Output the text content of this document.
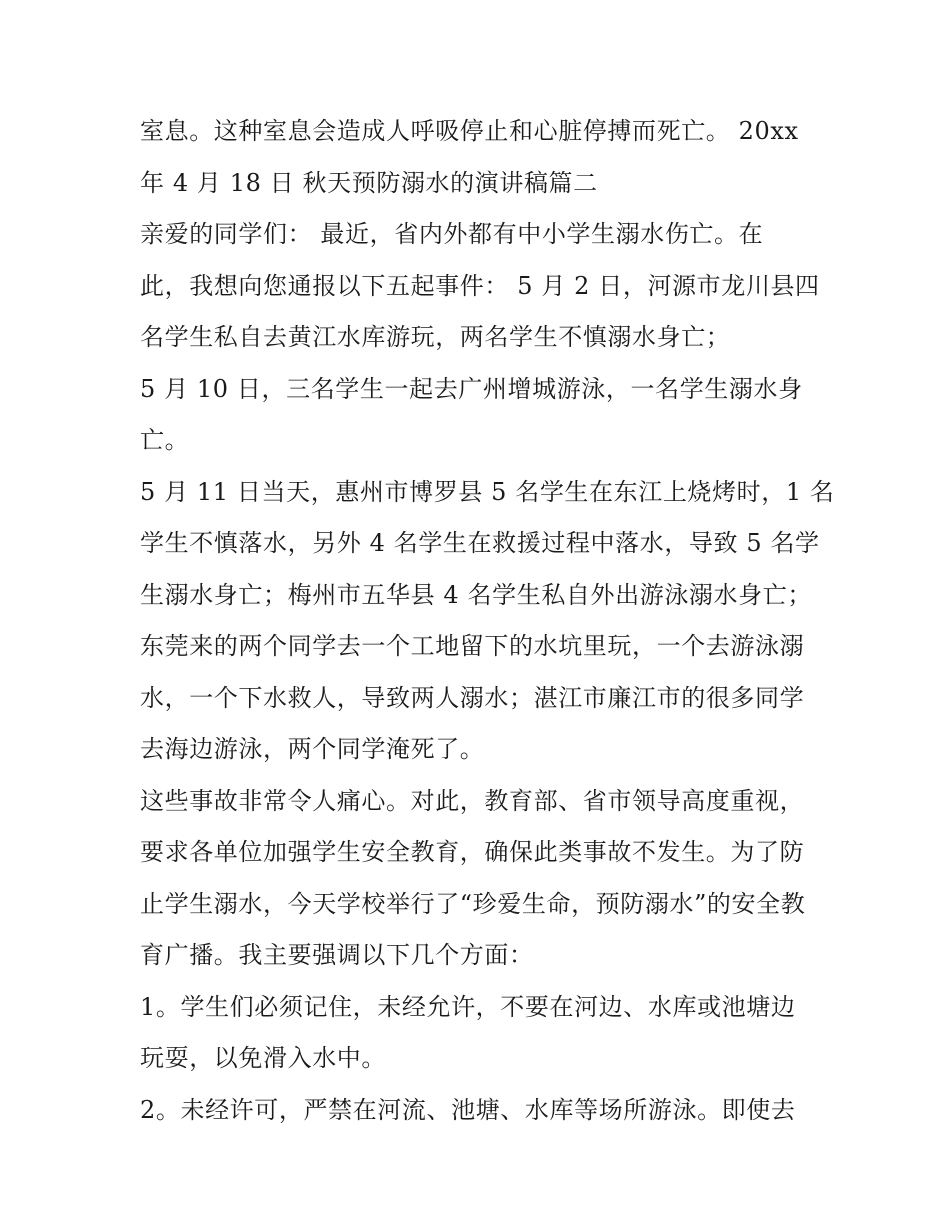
室息。这种室息会造成人呼吸停止和心脏停搏而死亡。 20xx
年 4 月 18 日 秋天预防溺水的演讲稿篇二
亲爱的同学们： 最近，省内外都有中小学生溺水伤亡。在
此，我想向您通报以下五起事件： 5 月 2 日，河源市龙川县四
名学生私自去黄江水库游玩，两名学生不慎溺水身亡；
5 月 10 日，三名学生一起去广州增城游泳，一名学生溺水身
亡。
5 月 11 日当天，惠州市博罗县 5 名学生在东江上烧烤时，1 名
学生不慎落水，另外 4 名学生在救援过程中落水，导致 5 名学
生溺水身亡；梅州市五华县 4 名学生私自外出游泳溺水身亡；
东莞来的两个同学去一个工地留下的水坑里玩，一个去游泳溺
水，一个下水救人，导致两人溺水；湛江市廉江市的很多同学
去海边游泳，两个同学淹死了。
这些事故非常令人痛心。对此，教育部、省市领导高度重视，
要求各单位加强学生安全教育，确保此类事故不发生。为了防
止学生溺水，今天学校举行了“珍爱生命，预防溺水”的安全教
育广播。我主要强调以下几个方面：
1。学生们必须记住，未经允许，不要在河边、水库或池塘边
玩耍，以免滑入水中。
2。未经许可，严禁在河流、池塘、水库等场所游泳。即使去
